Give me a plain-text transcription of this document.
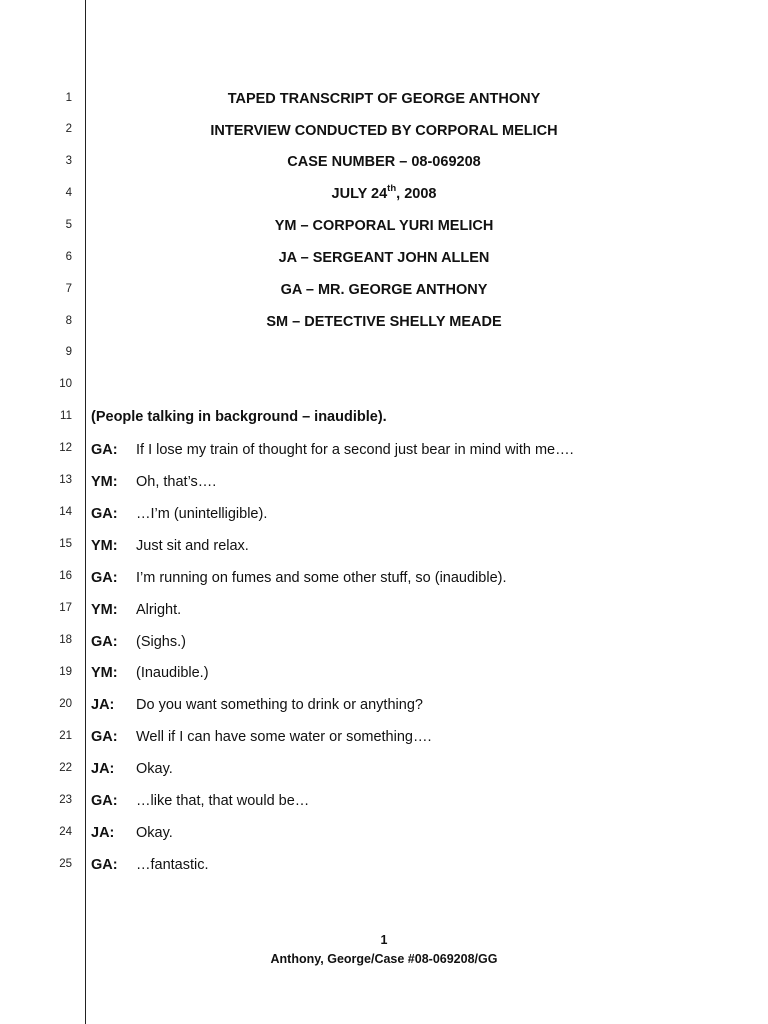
1
2
3
4
5
6
7
8
9
10
11
12
13
14
15
16
17
18
19
20
21
22
23
24
25
TAPED TRANSCRIPT OF GEORGE ANTHONY
INTERVIEW CONDUCTED BY CORPORAL MELICH
CASE NUMBER – 08-069208
JULY 24th, 2008
YM – CORPORAL YURI MELICH
JA – SERGEANT JOHN ALLEN
GA – MR. GEORGE ANTHONY
SM – DETECTIVE SHELLY MEADE
(People talking in background – inaudible).
GA: If I lose my train of thought for a second just bear in mind with me….
YM: Oh, that’s….
GA: …I’m (unintelligible).
YM: Just sit and relax.
GA: I’m running on fumes and some other stuff, so (inaudible).
YM: Alright.
GA: (Sighs.)
YM: (Inaudible.)
JA: Do you want something to drink or anything?
GA: Well if I can have some water or something….
JA: Okay.
GA: …like that, that would be…
JA: Okay.
GA: …fantastic.
1
Anthony, George/Case #08-069208/GG
